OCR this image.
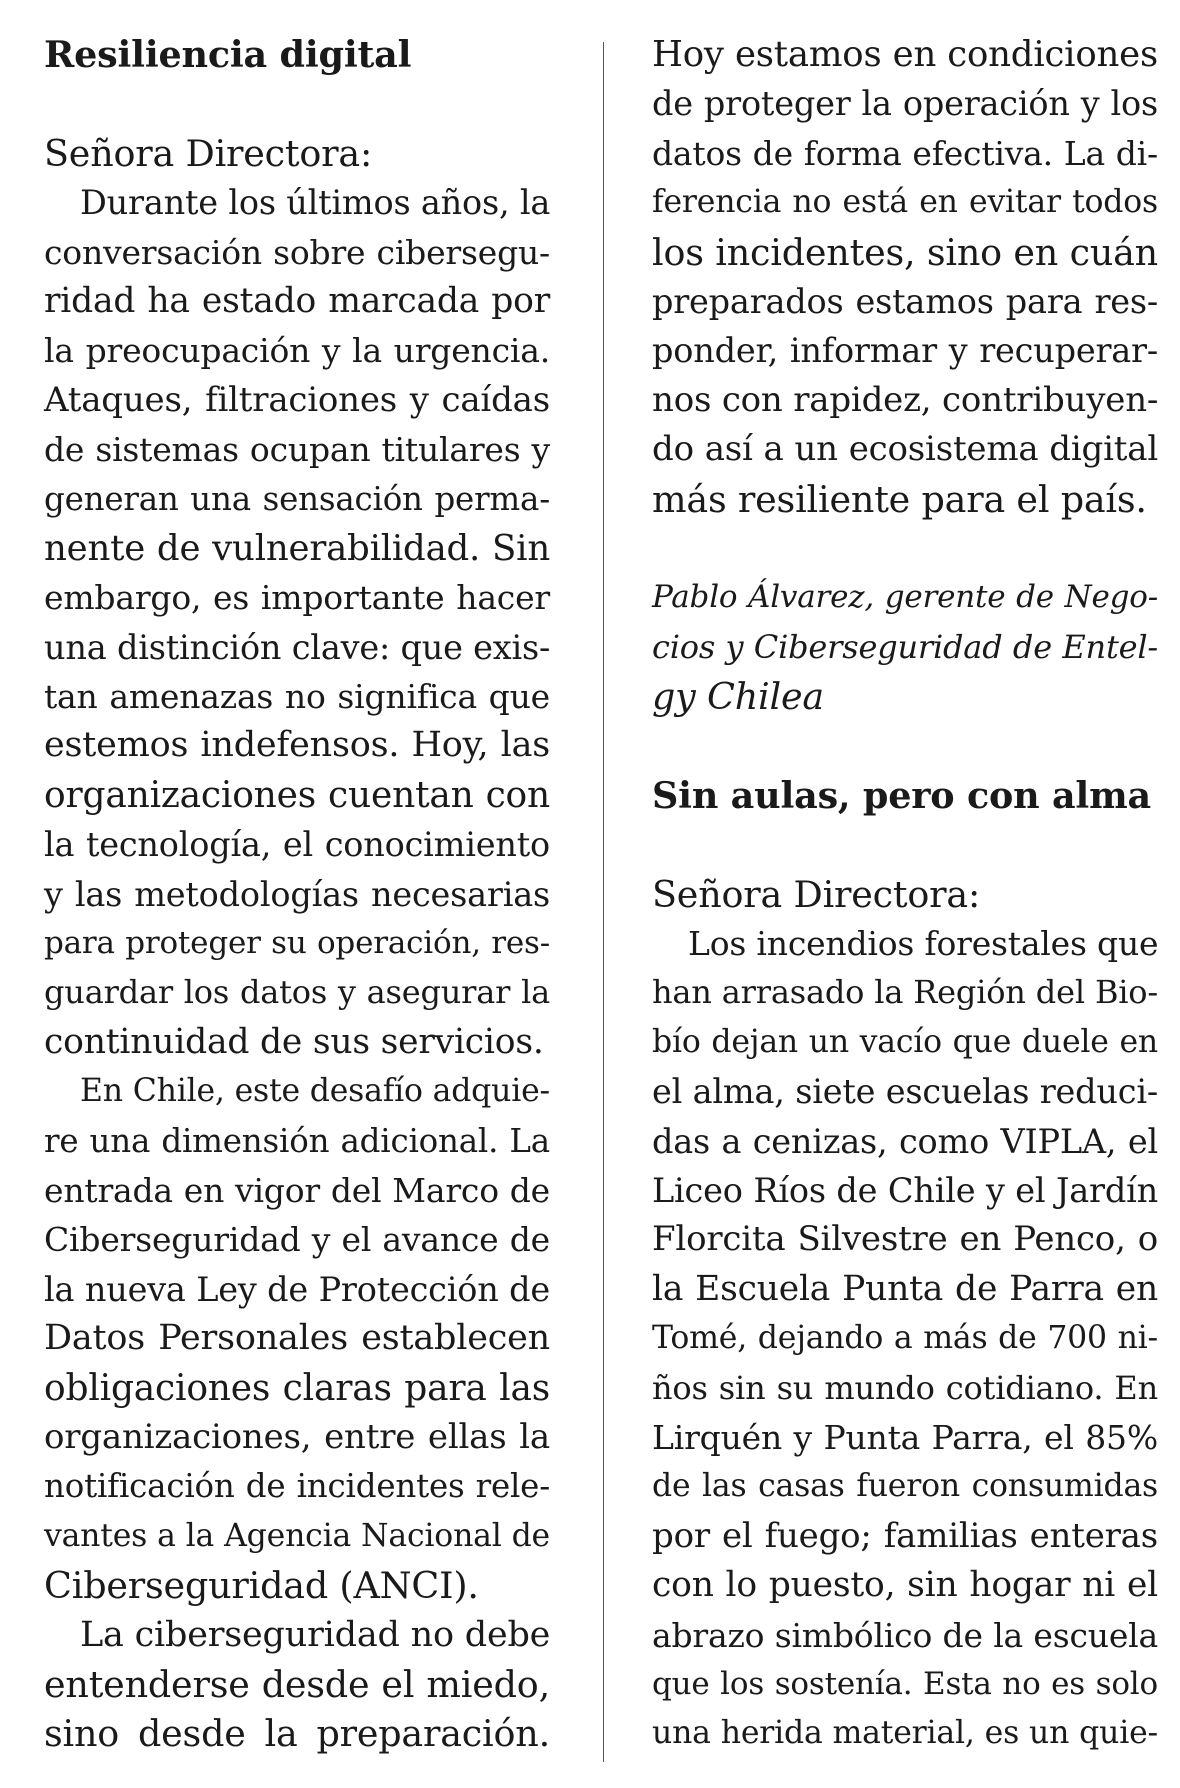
Resiliencia digital
Señora Directora:
Durante los últimos años, la
conversación sobre cibersegu-
ridad ha estado marcada por
la preocupación y la urgencia.
Ataques, filtraciones y caídas
de sistemas ocupan titulares y
generan una sensación perma-
nente de vulnerabilidad. Sin
embargo, es importante hacer
una distinción clave: que exis-
tan amenazas no significa que
estemos indefensos. Hoy, las
organizaciones cuentan con
la tecnología, el conocimiento
y las metodologías necesarias
para proteger su operación, res-
guardar los datos y asegurar la
continuidad de sus servicios.
En Chile, este desafío adquie-
re una dimensión adicional. La
entrada en vigor del Marco de
Ciberseguridad y el avance de
la nueva Ley de Protección de
Datos Personales establecen
obligaciones claras para las
organizaciones, entre ellas la
notificación de incidentes rele-
vantes a la Agencia Nacional de
Ciberseguridad (ANCI).
La ciberseguridad no debe
entenderse desde el miedo,
sino desde la preparación.
Hoy estamos en condiciones
de proteger la operación y los
datos de forma efectiva. La di-
ferencia no está en evitar todos
los incidentes, sino en cuán
preparados estamos para res-
ponder, informar y recuperar-
nos con rapidez, contribuyen-
do así a un ecosistema digital
más resiliente para el país.
Pablo Álvarez, gerente de Nego-
cios y Ciberseguridad de Entel-
gy Chilea
Sin aulas, pero con alma
Señora Directora:
Los incendios forestales que
han arrasado la Región del Bio-
bío dejan un vacío que duele en
el alma, siete escuelas reduci-
das a cenizas, como VIPLA, el
Liceo Ríos de Chile y el Jardín
Florcita Silvestre en Penco, o
la Escuela Punta de Parra en
Tomé, dejando a más de 700 ni-
ños sin su mundo cotidiano. En
Lirquén y Punta Parra, el 85%
de las casas fueron consumidas
por el fuego; familias enteras
con lo puesto, sin hogar ni el
abrazo simbólico de la escuela
que los sostenía. Esta no es solo
una herida material, es un quie-
